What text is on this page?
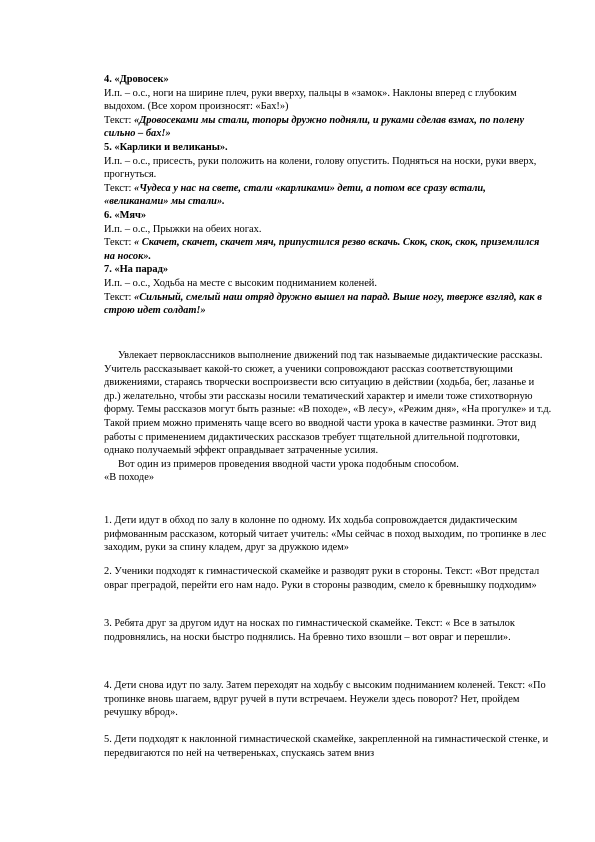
4. «Дровосек»

И.п. – о.с., ноги на ширине плеч, руки вверху, пальцы в «замок». Наклоны вперед с глубоким выдохом. (Все хором произносят: «Бах!»)

Текст: «Дровосеками мы стали, топоры дружно подняли, и руками сделав взмах, по полену сильно – бах!»

5. «Карлики и великаны».

И.п. – о.с., присесть, руки положить на колени, голову опустить. Подняться на носки, руки вверх, прогнуться.

Текст: «Чудеса у нас на свете, стали «карликами» дети, а потом все сразу встали, «великанами» мы стали».

6. «Мяч»

И.п. – о.с., Прыжки на обеих ногах.

Текст: « Скачет, скачет, скачет мяч, припустился резво вскачь. Скок, скок, скок, приземлился на носок».

7. «На парад»

И.п. – о.с., Ходьба на месте с высоким подниманием коленей.

Текст: «Сильный, смелый наш отряд дружно вышел на парад. Выше ногу, тверже взгляд, как в строю идет солдат!»

Увлекает первоклассников выполнение движений под так называемые дидактические рассказы. Учитель рассказывает какой-то сюжет, а ученики сопровождают рассказ соответствующими движениями, стараясь творчески воспроизвести всю ситуацию в действии (ходьба, бег, лазанье и др.) желательно, чтобы эти рассказы носили тематический характер и имели тоже стихотворную форму. Темы рассказов могут быть разные: «В походе», «В лесу», «Режим дня», «На прогулке» и т.д. Такой прием можно применять чаще всего во вводной части урока в качестве разминки. Этот вид работы с применением дидактических рассказов требует тщательной длительной подготовки, однако получаемый эффект оправдывает затраченные усилия.

Вот один из примеров проведения вводной части урока подобным способом.

«В походе»

1. Дети идут в обход по залу в колонне по одному. Их ходьба сопровождается дидактическим рифмованным рассказом, который читает учитель: «Мы сейчас в поход выходим, по тропинке в лес заходим, руки за спину кладем, друг за дружкою идем»

2. Ученики подходят к гимнастической скамейке и разводят руки в стороны. Текст: «Вот предстал овраг преградой, перейти его нам надо. Руки в стороны разводим, смело к бревнышку подходим»

3. Ребята друг за другом идут на носках по гимнастической скамейке. Текст: « Все в затылок подровнялись, на носки быстро поднялись. На бревно тихо взошли – вот овраг и перешли».

4. Дети снова идут по залу. Затем переходят на ходьбу с высоким подниманием коленей. Текст: «По тропинке вновь шагаем, вдруг ручей в пути встречаем. Неужели здесь поворот? Нет, пройдем речушку вброд».

5. Дети подходят к наклонной гимнастической скамейке, закрепленной на гимнастической стенке, и передвигаются по ней на четвереньках, спускаясь затем вниз
